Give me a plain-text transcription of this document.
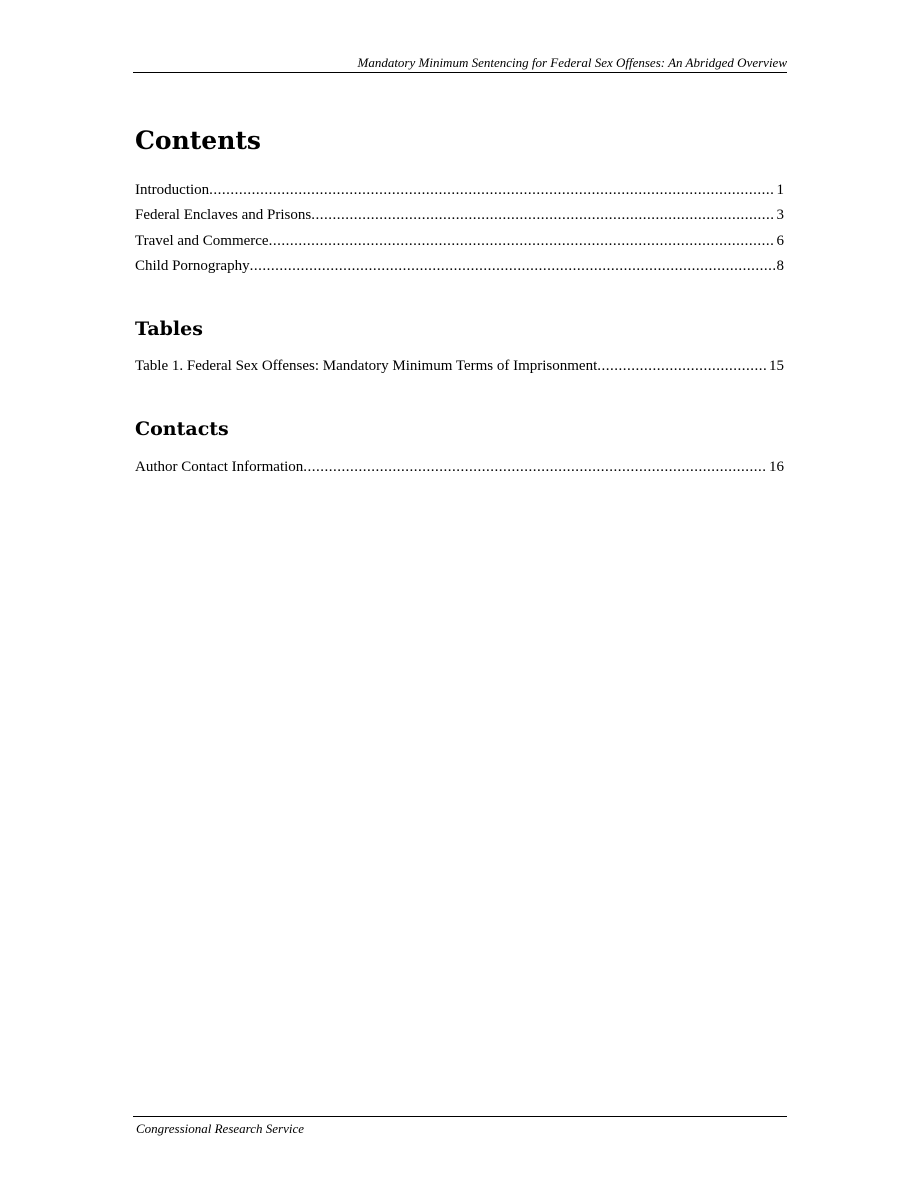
Mandatory Minimum Sentencing for Federal Sex Offenses: An Abridged Overview
Contents
Introduction .....	1
Federal Enclaves and Prisons .....	3
Travel and Commerce .....	6
Child Pornography .....	8
Tables
Table 1. Federal Sex Offenses: Mandatory Minimum Terms of Imprisonment .....	15
Contacts
Author Contact Information .....	16
Congressional Research Service
